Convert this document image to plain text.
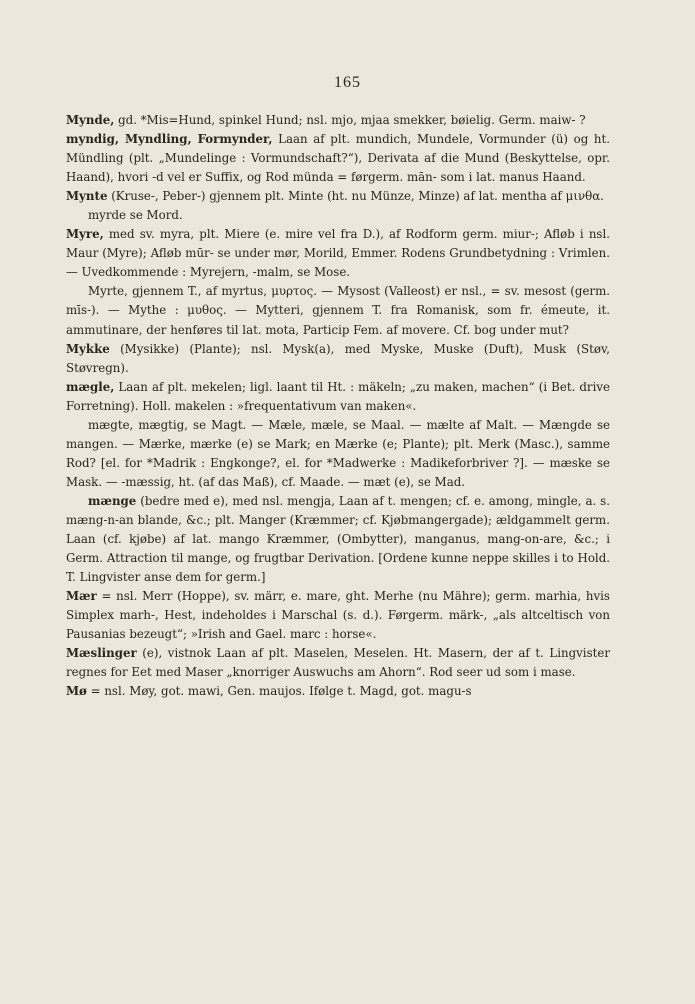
165

Mynde, gd. *Mis=Hund, spinkel Hund; nsl. mjo, mjaa smekker, bøielig. Germ. maiw- ?

myndig, Myndling, Formynder, Laan af plt. mundich, Mundele, Vormunder (ü) og ht. Mündling (plt. „Mundelinge : Vormundschaft?“), Derivata af die Mund (Beskyttelse, opr. Haand), hvori -d vel er Suffix, og Rod münda = førgerm. mān- som i lat. manus Haand.

Mynte (Kruse-, Peber-) gjennem plt. Minte (ht. nu Münze, Minze) af lat. mentha af μινθα.

myrde se Mord.

Myre, med sv. myra, plt. Miere (e. mire vel fra D.), af Rodform germ. miur-; Afløb i nsl. Maur (Myre); Afløb mūr- se under mør, Morild, Emmer. Rodens Grundbetydning : Vrimlen. — Uvedkommende : Myrejern, -malm, se Mose.

Myrte, gjennem T., af myrtus, μυρτος. — Mysost (Valleost) er nsl., = sv. mesost (germ. mīs-). — Mythe : μυθος. — Mytteri, gjennem T. fra Romanisk, som fr. émeute, it. ammutinare, der henføres til lat. mota, Particip Fem. af movere. Cf. bog under mut?

Mykke (Mysikke) (Plante); nsl. Mysk(a), med Myske, Muske (Duft), Musk (Støv, Støvregn).

mægle, Laan af plt. mekelen; ligl. laant til Ht. : mäkeln; „zu maken, machen“ (i Bet. drive Forretning). Holl. makelen : »frequentativum van maken«.

mægte, mægtig, se Magt. — Mæle, mæle, se Maal. — mælte af Malt. — Mængde se mangen. — Mærke, mærke (e) se Mark; en Mærke (e; Plante); plt. Merk (Masc.), samme Rod? [el. for *Madrik : Engkonge?, el. for *Madwerke : Madikeforbriver ?]. — mæske se Mask. — -mæssig, ht. (af das Maß), cf. Maade. — mæt (e), se Mad.

mænge (bedre med e), med nsl. mengja, Laan af t. mengen; cf. e. among, mingle, a. s. mæng-n-an blande, &c.; plt. Manger (Kræmmer; cf. Kjøbmangergade); ældgammelt germ. Laan (cf. kjøbe) af lat. mango Kræmmer, (Ombytter), manganus, mang-on-are, &c.; i Germ. Attraction til mange, og frugtbar Derivation. [Ordene kunne neppe skilles i to Hold. T. Lingvister anse dem for germ.]

Mær = nsl. Merr (Hoppe), sv. märr, e. mare, ght. Merhe (nu Mähre); germ. marhia, hvis Simplex marh-, Hest, indeholdes i Marschal (s. d.). Førgerm. märk-, „als altceltisch von Pausanias bezeugt“; »Irish and Gael. marc : horse«.

Mæslinger (e), vistnok Laan af plt. Maselen, Meselen. Ht. Masern, der af t. Lingvister regnes for Eet med Maser „knorriger Auswuchs am Ahorn“. Rod seer ud som i mase.

Mø = nsl. Møy, got. mawi, Gen. maujos. Ifølge t. Magd, got. magu-s
